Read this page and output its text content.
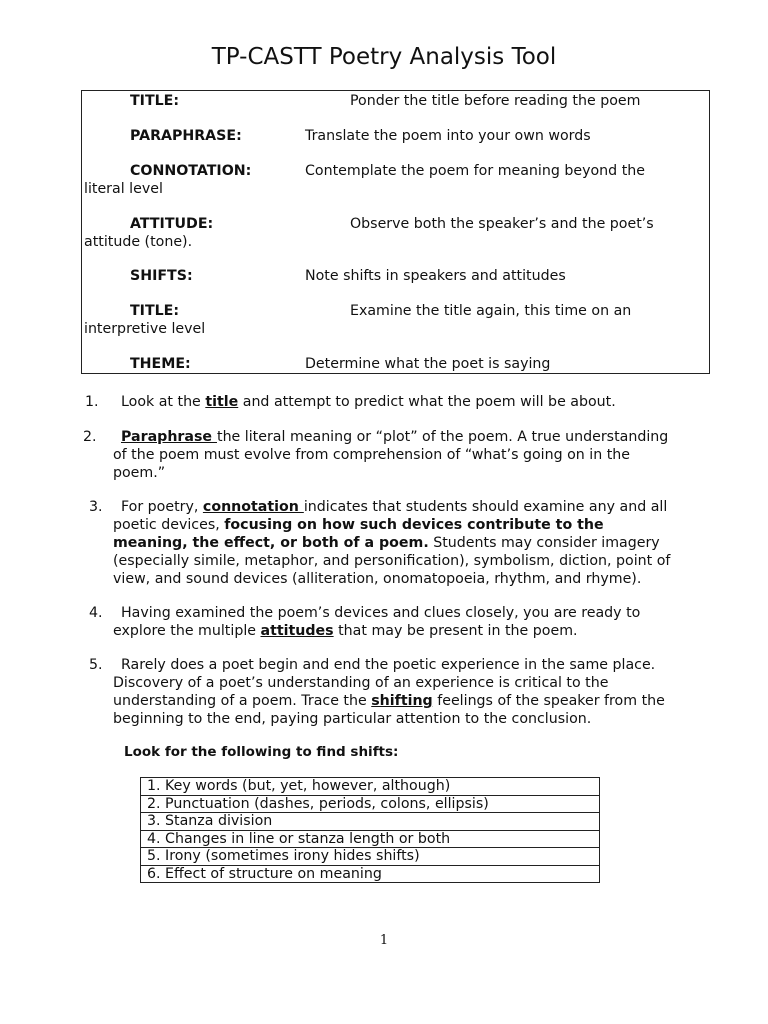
TP-CASTT Poetry Analysis Tool
TITLE:	Ponder the title before reading the poem
PARAPHRASE:	Translate the poem into your own words
CONNOTATION:	Contemplate the poem for meaning beyond the
literal level
ATTITUDE:	Observe both the speaker’s and the poet’s
attitude (tone).
SHIFTS:	Note shifts in speakers and attitudes
TITLE:	Examine the title again, this time on an
interpretive level
THEME:	Determine what the poet is saying
1. Look at the title and attempt to predict what the poem will be about.
2. Paraphrase the literal meaning or “plot” of the poem. A true understanding
of the poem must evolve from comprehension of “what’s going on in the
poem.”
3. For poetry, connotation indicates that students should examine any and all
poetic devices, focusing on how such devices contribute to the
meaning, the effect, or both of a poem. Students may consider imagery
(especially simile, metaphor, and personification), symbolism, diction, point of
view, and sound devices (alliteration, onomatopoeia, rhythm, and rhyme).
4. Having examined the poem’s devices and clues closely, you are ready to
explore the multiple attitudes that may be present in the poem.
5. Rarely does a poet begin and end the poetic experience in the same place.
Discovery of a poet’s understanding of an experience is critical to the
understanding of a poem. Trace the shifting feelings of the speaker from the
beginning to the end, paying particular attention to the conclusion.
Look for the following to find shifts:
1. Key words (but, yet, however, although)
2. Punctuation (dashes, periods, colons, ellipsis)
3. Stanza division
4. Changes in line or stanza length or both
5. Irony (sometimes irony hides shifts)
6. Effect of structure on meaning
1
